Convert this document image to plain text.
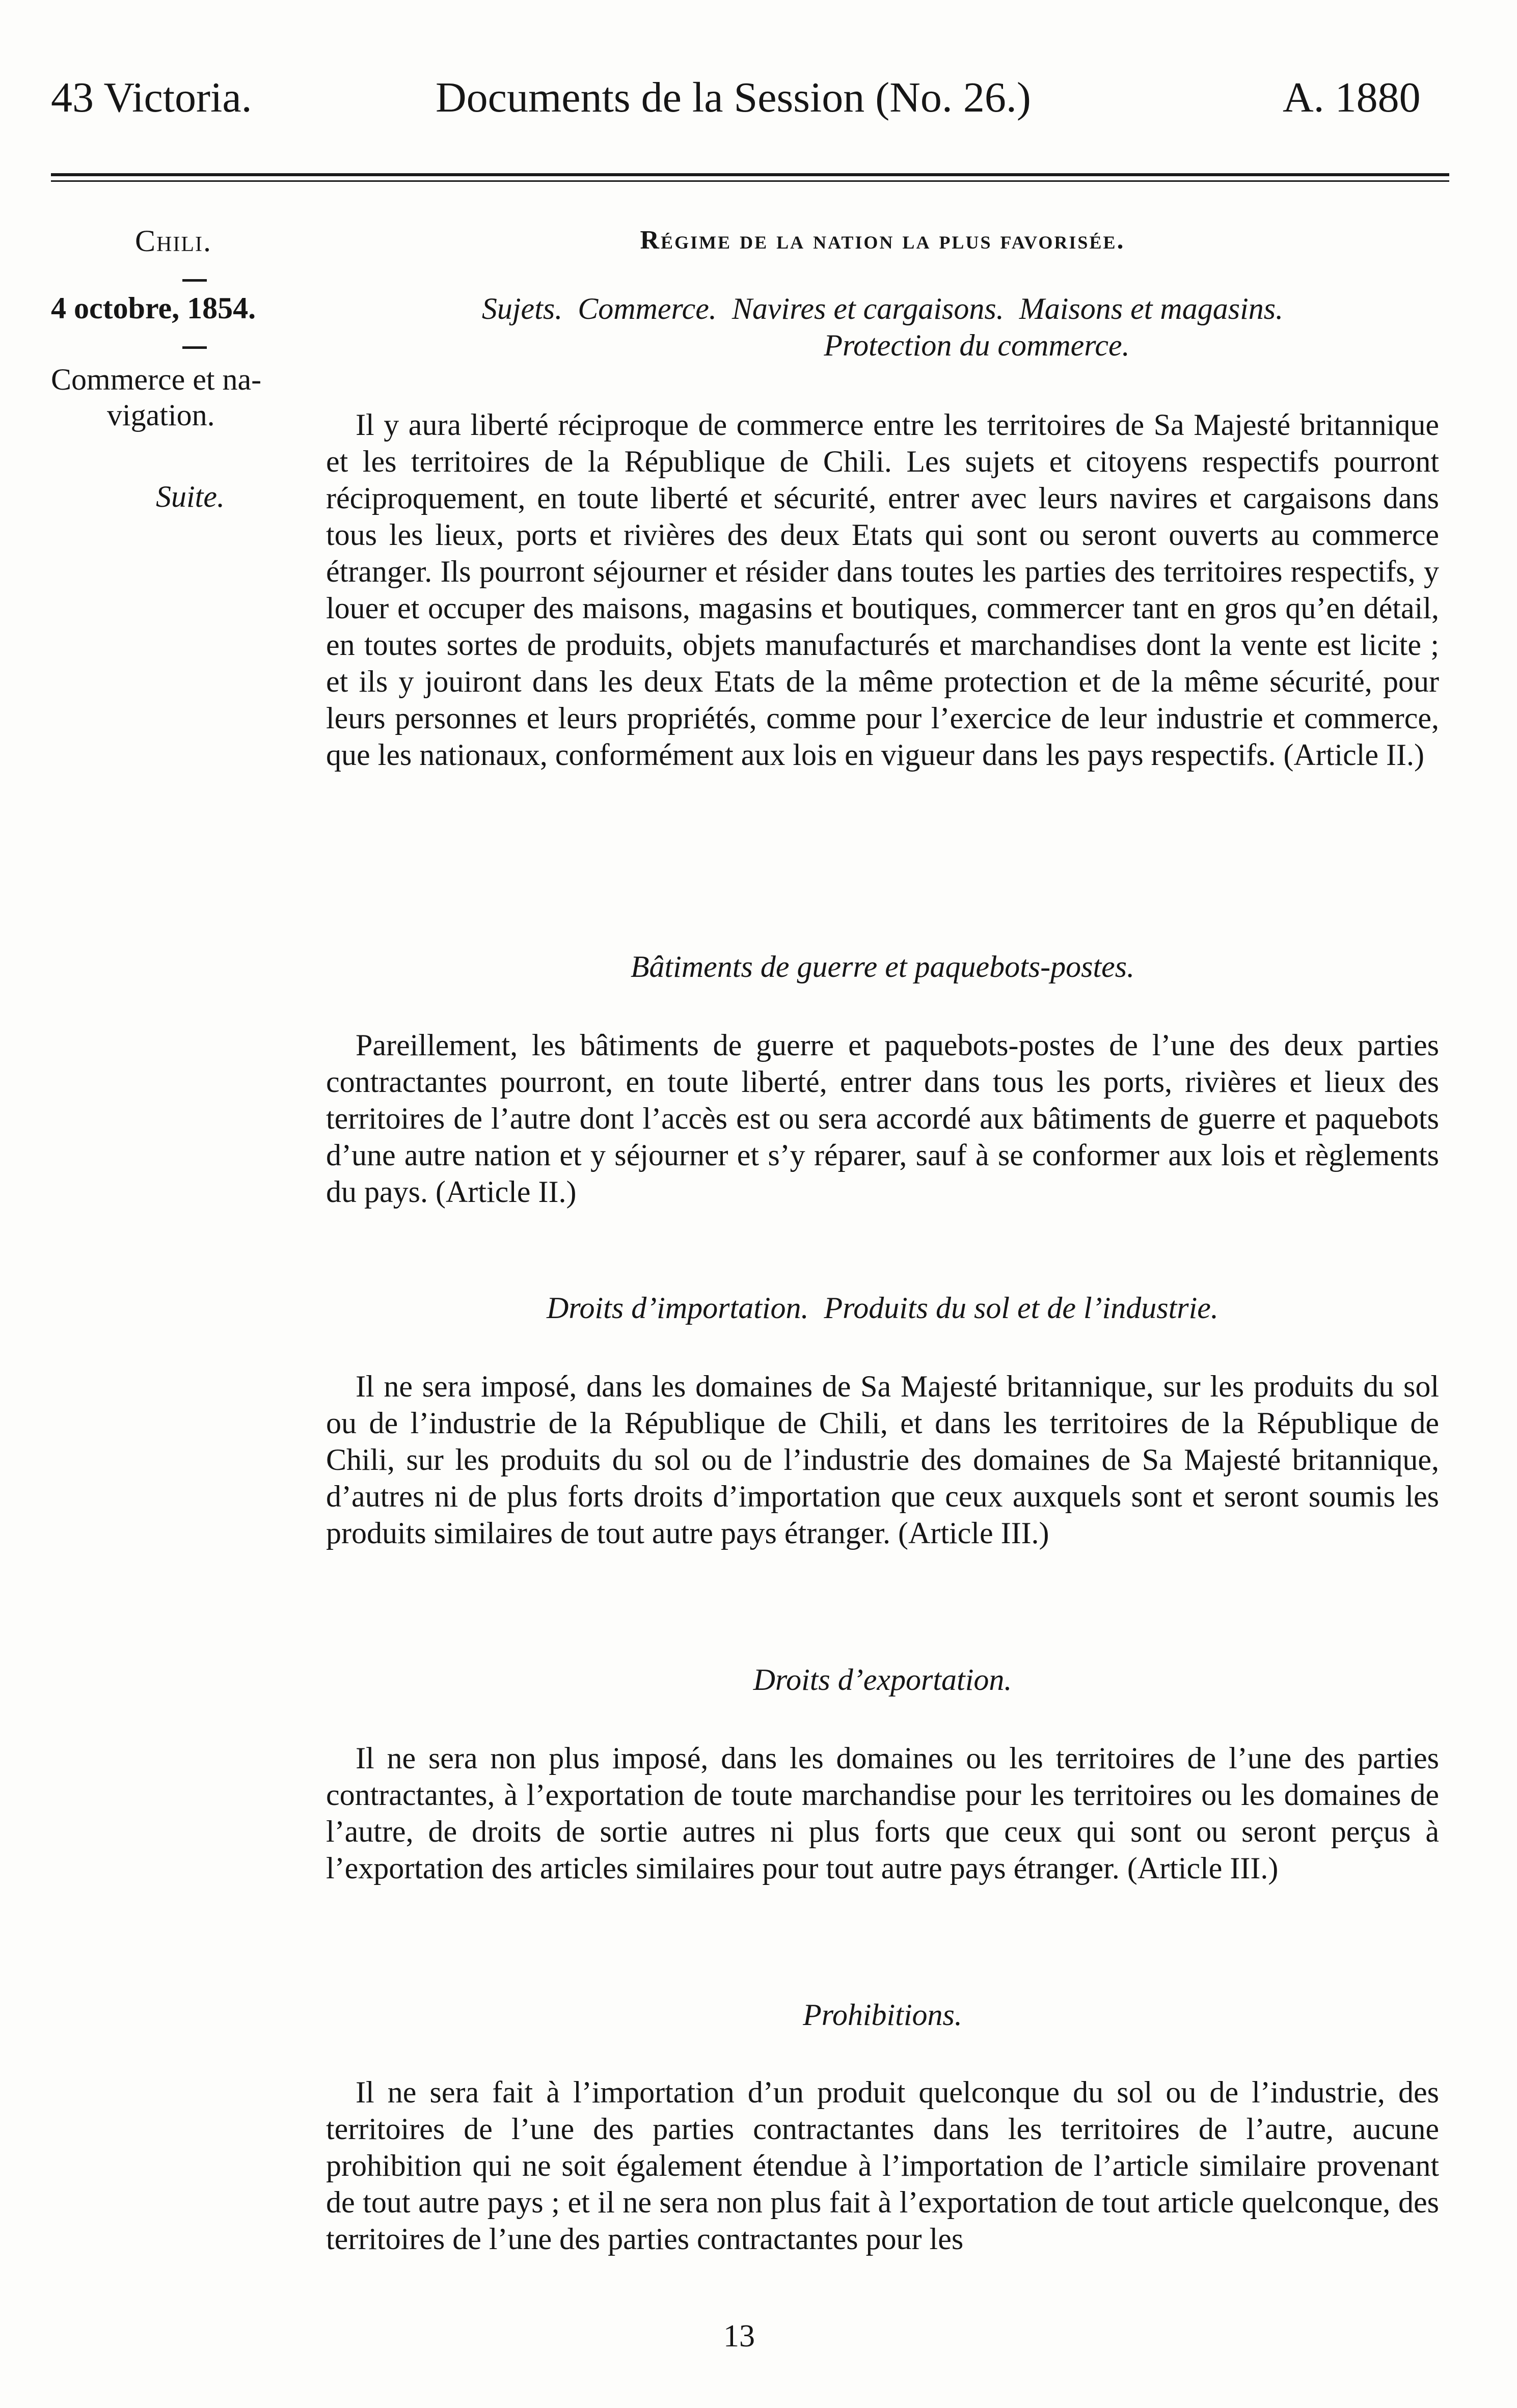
43 Victoria.	Documents de la Session (No. 26.)	A. 1880
Chili.
4 octobre, 1854.
Commerce et na-
vigation.
Suite.

Régime de la nation la plus favorisée.

Sujets.  Commerce.  Navires et cargaisons.  Maisons et magasins.

Protection du commerce.

Il y aura liberté réciproque de commerce entre les territoires de Sa Majesté britannique et les territoires de la République de Chili. Les sujets et citoyens respectifs pourront réciproquement, en toute liberté et sécurité, entrer avec leurs navires et cargaisons dans tous les lieux, ports et rivières des deux Etats qui sont ou seront ouverts au commerce étranger. Ils pourront séjourner et résider dans toutes les parties des territoires respectifs, y louer et occuper des maisons, magasins et boutiques, commercer tant en gros qu’en détail, en toutes sortes de produits, objets manufacturés et marchandises dont la vente est licite ; et ils y jouiront dans les deux Etats de la même protection et de la même sécurité, pour leurs personnes et leurs propriétés, comme pour l’exercice de leur industrie et commerce, que les nationaux, conformément aux lois en vigueur dans les pays respectifs. (Article II.)

Bâtiments de guerre et paquebots-postes.

Pareillement, les bâtiments de guerre et paquebots-postes de l’une des deux parties contractantes pourront, en toute liberté, entrer dans tous les ports, rivières et lieux des territoires de l’autre dont l’accès est ou sera accordé aux bâtiments de guerre et paquebots d’une autre nation et y séjourner et s’y réparer, sauf à se conformer aux lois et règlements du pays. (Article II.)

Droits d’importation.  Produits du sol et de l’industrie.

Il ne sera imposé, dans les domaines de Sa Majesté britannique, sur les produits du sol ou de l’industrie de la République de Chili, et dans les territoires de la République de Chili, sur les produits du sol ou de l’industrie des domaines de Sa Majesté britannique, d’autres ni de plus forts droits d’importation que ceux auxquels sont et seront soumis les produits similaires de tout autre pays étranger. (Article III.)

Droits d’exportation.

Il ne sera non plus imposé, dans les domaines ou les territoires de l’une des parties contractantes, à l’exportation de toute marchandise pour les territoires ou les domaines de l’autre, de droits de sortie autres ni plus forts que ceux qui sont ou seront perçus à l’exportation des articles similaires pour tout autre pays étranger. (Article III.)

Prohibitions.

Il ne sera fait à l’importation d’un produit quelconque du sol ou de l’industrie, des territoires de l’une des parties contractantes dans les territoires de l’autre, aucune prohibition qui ne soit également étendue à l’importation de l’article similaire provenant de tout autre pays ; et il ne sera non plus fait à l’exportation de tout article quelconque, des territoires de l’une des parties contractantes pour les

13
